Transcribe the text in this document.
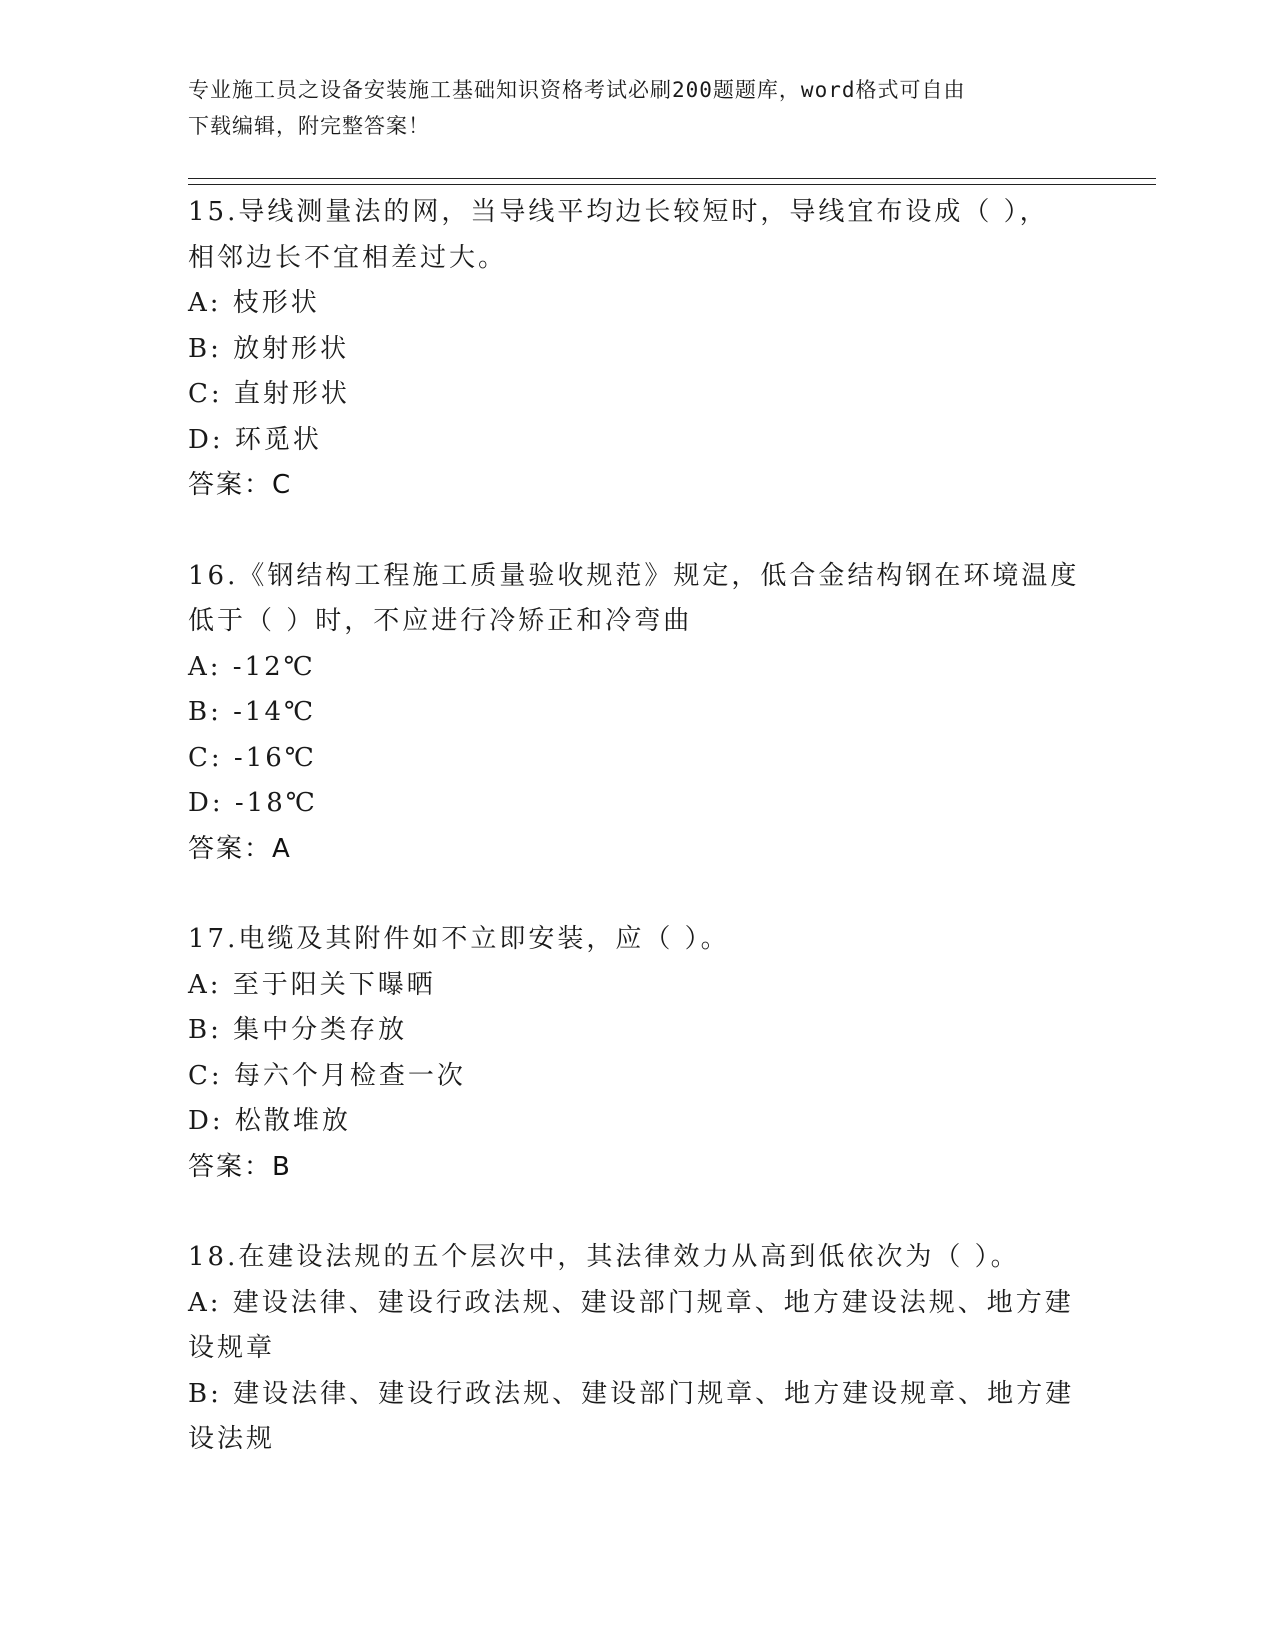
专业施工员之设备安装施工基础知识资格考试必刷200题题库，word格式可自由
下载编辑，附完整答案！
15.导线测量法的网，当导线平均边长较短时，导线宜布设成（ ），
相邻边长不宜相差过大。
A: 枝形状
B: 放射形状
C: 直射形状
D: 环觅状
答案：C
16.《钢结构工程施工质量验收规范》规定，低合金结构钢在环境温度
低于（ ）时，不应进行冷矫正和冷弯曲
A: -12℃
B: -14℃
C: -16℃
D: -18℃
答案：A
17.电缆及其附件如不立即安装，应（ ）。
A: 至于阳关下曝晒
B: 集中分类存放
C: 每六个月检查一次
D: 松散堆放
答案：B
18.在建设法规的五个层次中，其法律效力从高到低依次为（ ）。
A: 建设法律、建设行政法规、建设部门规章、地方建设法规、地方建
设规章
B: 建设法律、建设行政法规、建设部门规章、地方建设规章、地方建
设法规
